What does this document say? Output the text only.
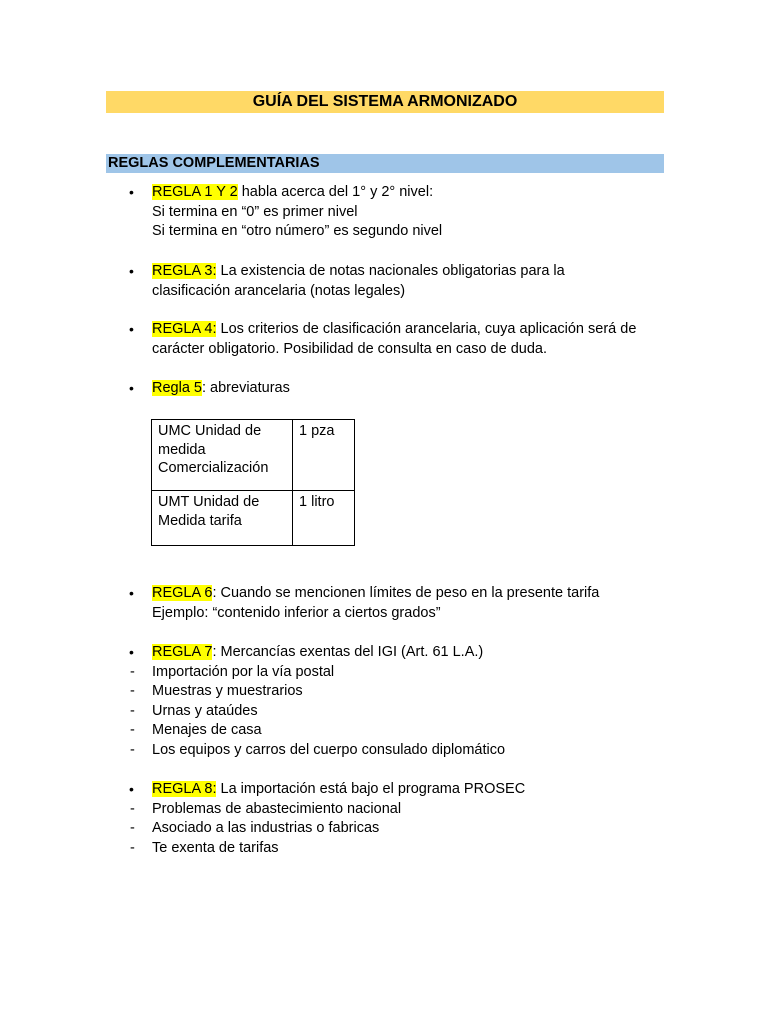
GUÍA DEL SISTEMA ARMONIZADO
REGLAS COMPLEMENTARIAS
• REGLA 1 Y 2 habla acerca del 1° y 2° nivel:
Si termina en “0” es primer nivel
Si termina en “otro número” es segundo nivel
• REGLA 3: La existencia de notas nacionales obligatorias para la
clasificación arancelaria (notas legales)
• REGLA 4: Los criterios de clasificación arancelaria, cuya aplicación será de
carácter obligatorio. Posibilidad de consulta en caso de duda.
• Regla 5: abreviaturas
UMC Unidad de
medida
Comercialización	1 pza

UMT Unidad de
Medida tarifa	1 litro
• REGLA 6: Cuando se mencionen límites de peso en la presente tarifa
Ejemplo: “contenido inferior a ciertos grados”
• REGLA 7: Mercancías exentas del IGI (Art. 61 L.A.)
- Importación por la vía postal
- Muestras y muestrarios
- Urnas y ataúdes
- Menajes de casa
- Los equipos y carros del cuerpo consulado diplomático
• REGLA 8: La importación está bajo el programa PROSEC
- Problemas de abastecimiento nacional
- Asociado a las industrias o fabricas
- Te exenta de tarifas
